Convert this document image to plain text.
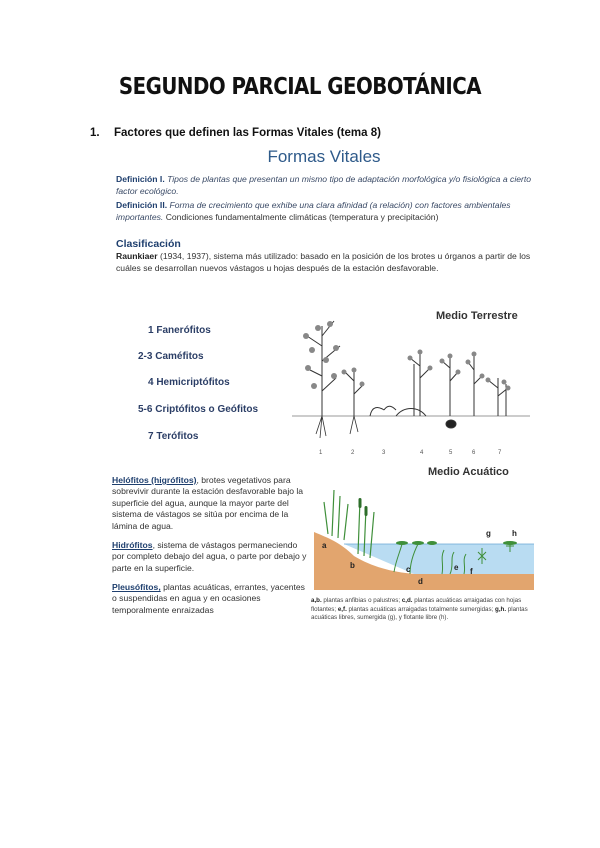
SEGUNDO PARCIAL GEOBOTÁNICA
1. Factores que definen las Formas Vitales (tema 8)
Formas Vitales
Definición I. Tipos de plantas que presentan un mismo tipo de adaptación morfológica y/o fisiológica a cierto factor ecológico.
Definición II. Forma de crecimiento que exhibe una clara afinidad (a relación) con factores ambientales importantes. Condiciones fundamentalmente climáticas (temperatura y precipitación)
Clasificación
Raunkiaer (1934, 1937), sistema más utilizado: basado en la posición de los brotes u órganos a partir de los cuáles se desarrollan nuevos vástagos u hojas después de la estación desfavorable.
1 Fanerófitos
2-3 Caméfitos
4 Hemicriptófitos
5-6 Criptófitos o Geófitos
7 Terófitos
Medio Terrestre
1	2	3	4	5	6	7
Medio Acuático
a
b	c
d
e f
g	h
Helófitos (higrófitos), brotes vegetativos para sobrevivir durante la estación desfavorable bajo la superficie del agua, aunque la mayor parte del sistema de vástagos se sitúa por encima de la lámina de agua.
Hidrófitos, sistema de vástagos permaneciendo por completo debajo del agua, o parte por debajo y parte en la superficie.
Pleusófitos, plantas acuáticas, errantes, yacentes o suspendidas en agua y en ocasiones temporalmente enraizadas
a,b. plantas anfibias o palustres; c,d. plantas acuáticas arraigadas con hojas flotantes; e,f. plantas acuáticas arraigadas totalmente sumergidas; g,h. plantas acuáticas libres, sumergida (g), y flotante libre (h).
